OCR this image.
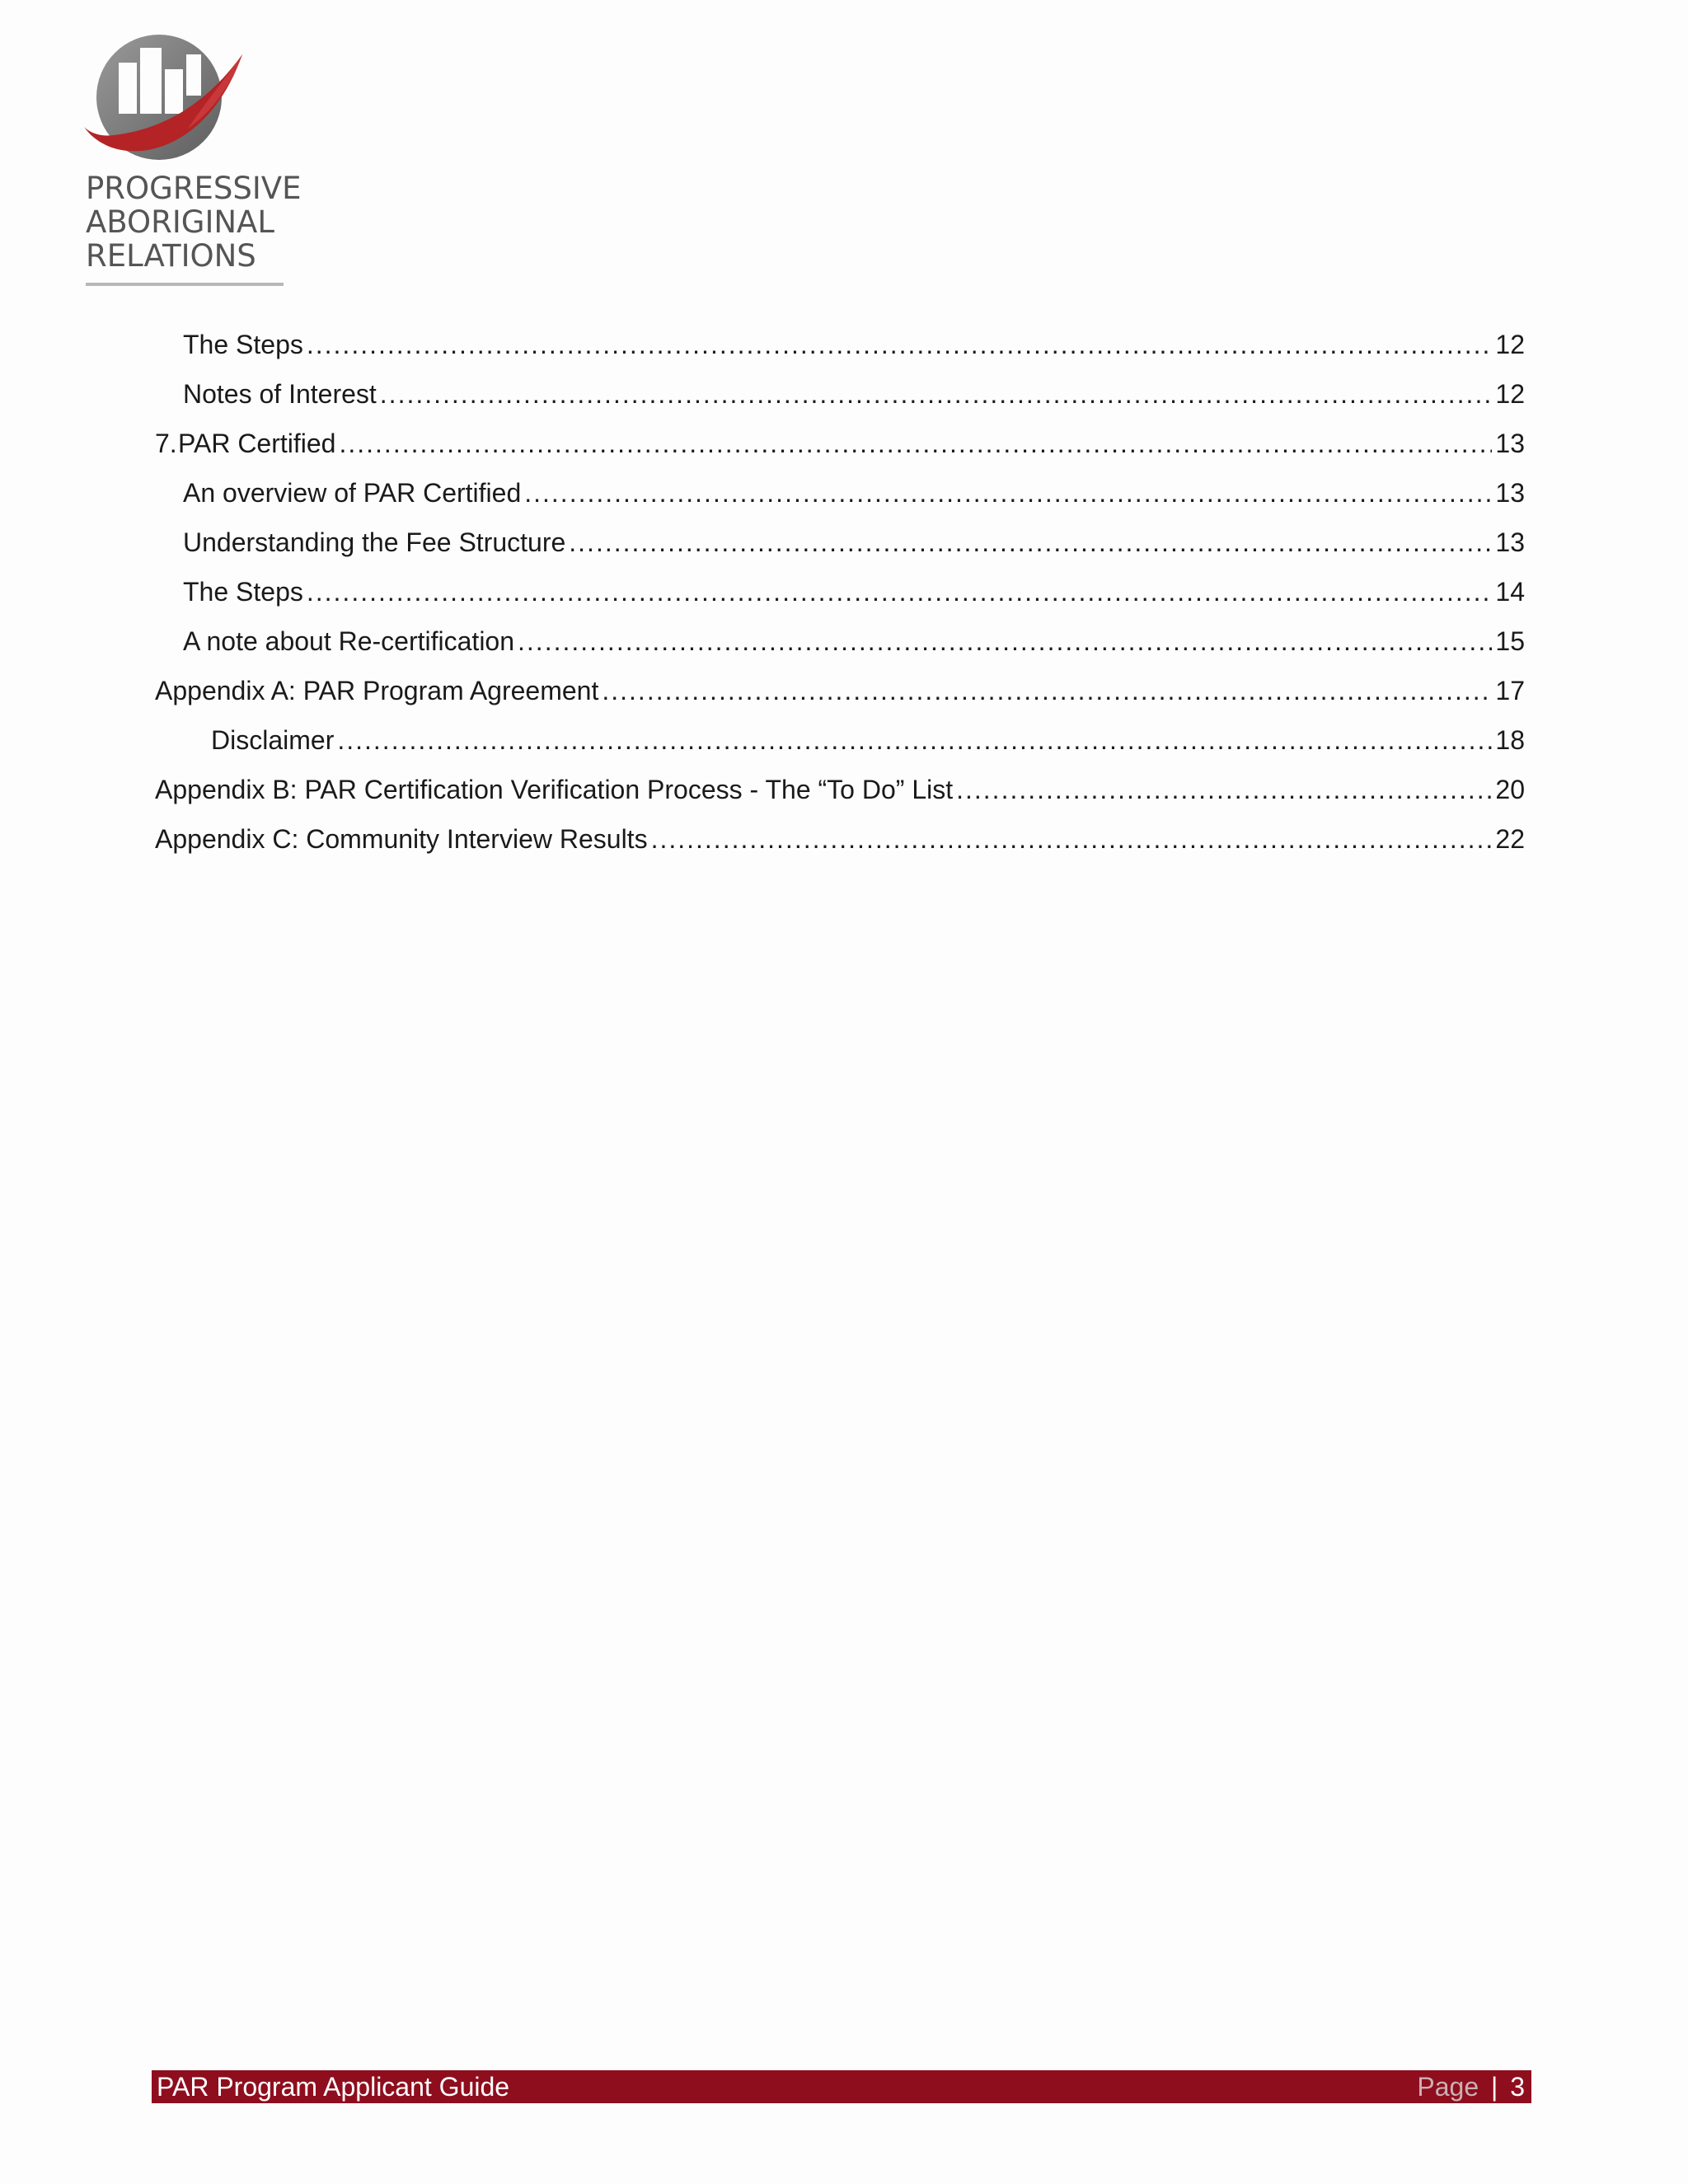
PROGRESSIVE
ABORIGINAL
RELATIONS
The Steps .....	12
Notes of Interest .....	12
7. PAR Certified .....	13
An overview of PAR Certified .....	13
Understanding the Fee Structure .....	13
The Steps .....	14
A note about Re-certification .....	15
Appendix A: PAR Program Agreement .....	17
Disclaimer .....	18
Appendix B: PAR Certification Verification Process - The “To Do” List .....	20
Appendix C: Community Interview Results .....	22
PAR Program Applicant Guide	Page | 3
